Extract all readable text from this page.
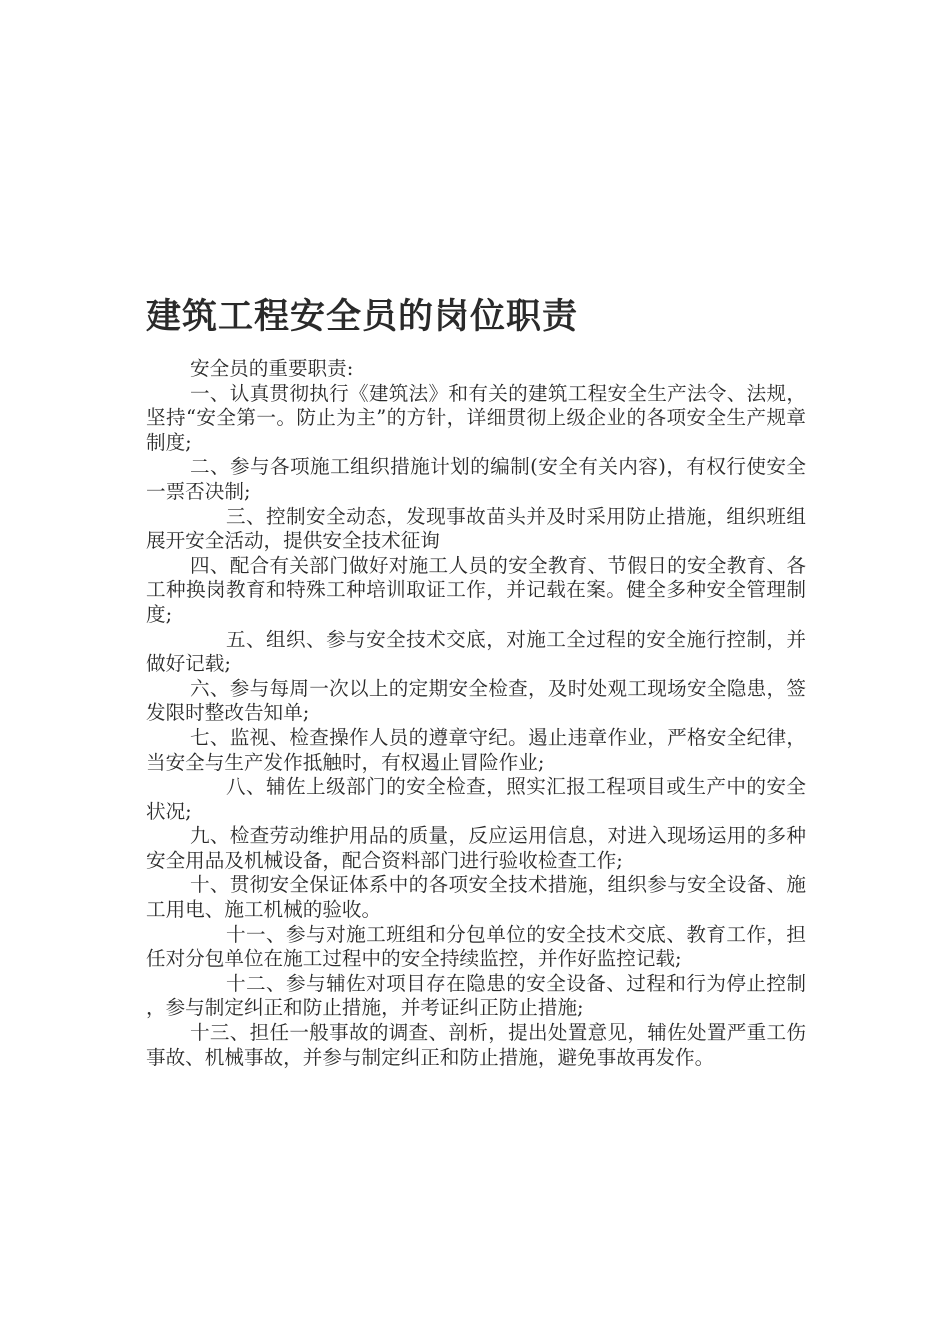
建筑工程安全员的岗位职责

安全员的重要职责:

一、认真贯彻执行《建筑法》和有关的建筑工程安全生产法令、法规，坚持“安全第一。防止为主”的方针，详细贯彻上级企业的各项安全生产规章制度;

二、参与各项施工组织措施计划的编制(安全有关内容)，有权行使安全一票否决制;

三、控制安全动态，发现事故苗头并及时采用防止措施，组织班组展开安全活动，提供安全技术征询

四、配合有关部门做好对施工人员的安全教育、节假日的安全教育、各工种换岗教育和特殊工种培训取证工作，并记载在案。健全多种安全管理制度;

五、组织、参与安全技术交底，对施工全过程的安全施行控制，并做好记载;

六、参与每周一次以上的定期安全检查，及时处观工现场安全隐患，签发限时整改告知单;

七、监视、检查操作人员的遵章守纪。遏止违章作业，严格安全纪律，当安全与生产发作抵触时，有权遏止冒险作业;

八、辅佐上级部门的安全检查，照实汇报工程项目或生产中的安全状况;

九、检查劳动维护用品的质量，反应运用信息，对进入现场运用的多种安全用品及机械设备，配合资料部门进行验收检查工作;

十、贯彻安全保证体系中的各项安全技术措施，组织参与安全设备、施工用电、施工机械的验收。

十一、参与对施工班组和分包单位的安全技术交底、教育工作，担任对分包单位在施工过程中的安全持续监控，并作好监控记载;

十二、参与辅佐对项目存在隐患的安全设备、过程和行为停止控制，参与制定纠正和防止措施，并考证纠正防止措施;

十三、担任一般事故的调查、剖析，提出处置意见，辅佐处置严重工伤事故、机械事故，并参与制定纠正和防止措施，避免事故再发作。
